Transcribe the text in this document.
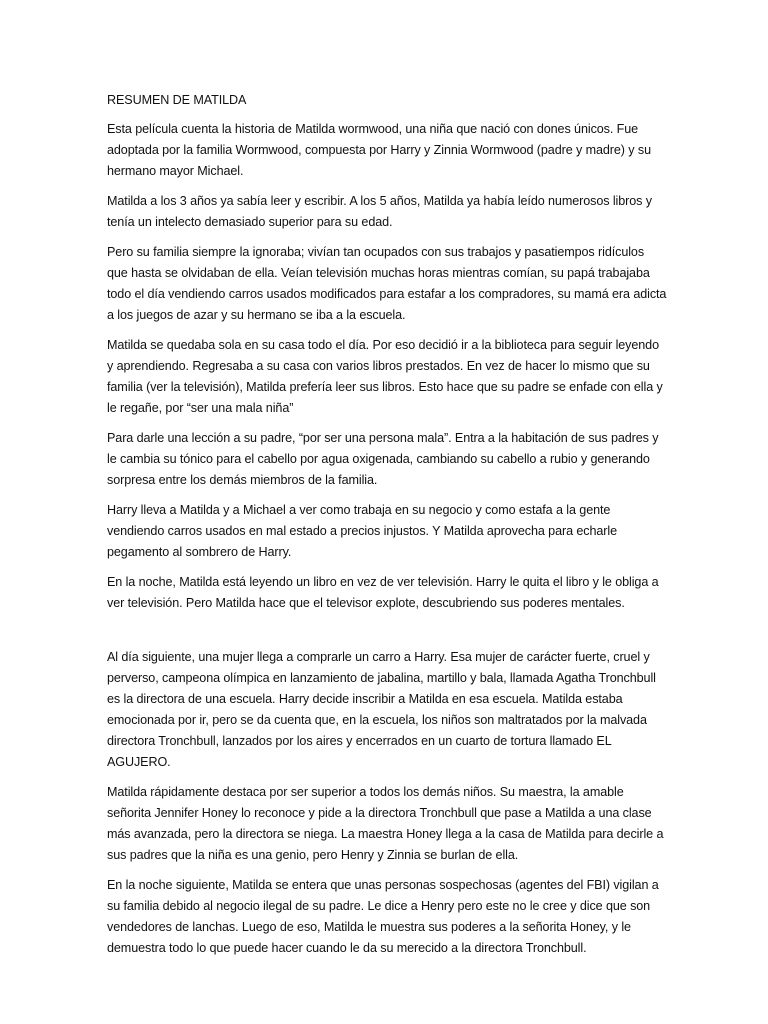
RESUMEN DE MATILDA

Esta película cuenta la historia de Matilda wormwood, una niña que nació con dones únicos. Fue adoptada por la familia Wormwood, compuesta por Harry y Zinnia Wormwood (padre y madre) y su hermano mayor Michael.

Matilda a los 3 años ya sabía leer y escribir. A los 5 años, Matilda ya había leído numerosos libros y tenía un intelecto demasiado superior para su edad.

Pero su familia siempre la ignoraba; vivían tan ocupados con sus trabajos y pasatiempos ridículos que hasta se olvidaban de ella. Veían televisión muchas horas mientras comían, su papá trabajaba todo el día vendiendo carros usados modificados para estafar a los compradores, su mamá era adicta a los juegos de azar y su hermano se iba a la escuela.

Matilda se quedaba sola en su casa todo el día. Por eso decidió ir a la biblioteca para seguir leyendo y aprendiendo. Regresaba a su casa con varios libros prestados. En vez de hacer lo mismo que su familia (ver la televisión), Matilda prefería leer sus libros. Esto hace que su padre se enfade con ella y le regañe, por “ser una mala niña”

Para darle una lección a su padre, “por ser una persona mala”. Entra a la habitación de sus padres y le cambia su tónico para el cabello por agua oxigenada, cambiando su cabello a rubio y generando sorpresa entre los demás miembros de la familia.

Harry lleva a Matilda y a Michael a ver como trabaja en su negocio y como estafa a la gente vendiendo carros usados en mal estado a precios injustos. Y Matilda aprovecha para echarle pegamento al sombrero de Harry.

En la noche, Matilda está leyendo un libro en vez de ver televisión. Harry le quita el libro y le obliga a ver televisión. Pero Matilda hace que el televisor explote, descubriendo sus poderes mentales.

Al día siguiente, una mujer llega a comprarle un carro a Harry. Esa mujer de carácter fuerte, cruel y perverso, campeona olímpica en lanzamiento de jabalina, martillo y bala, llamada Agatha Tronchbull es la directora de una escuela. Harry decide inscribir a Matilda en esa escuela. Matilda estaba emocionada por ir, pero se da cuenta que, en la escuela, los niños son maltratados por la malvada directora Tronchbull, lanzados por los aires y encerrados en un cuarto de tortura llamado EL AGUJERO.

Matilda rápidamente destaca por ser superior a todos los demás niños. Su maestra, la amable señorita Jennifer Honey lo reconoce y pide a la directora Tronchbull que pase a Matilda a una clase más avanzada, pero la directora se niega. La maestra Honey llega a la casa de Matilda para decirle a sus padres que la niña es una genio, pero Henry y Zinnia se burlan de ella.

En la noche siguiente, Matilda se entera que unas personas sospechosas (agentes del FBI) vigilan a su familia debido al negocio ilegal de su padre. Le dice a Henry pero este no le cree y dice que son vendedores de lanchas. Luego de eso, Matilda le muestra sus poderes a la señorita Honey, y le demuestra todo lo que puede hacer cuando le da su merecido a la directora Tronchbull.
